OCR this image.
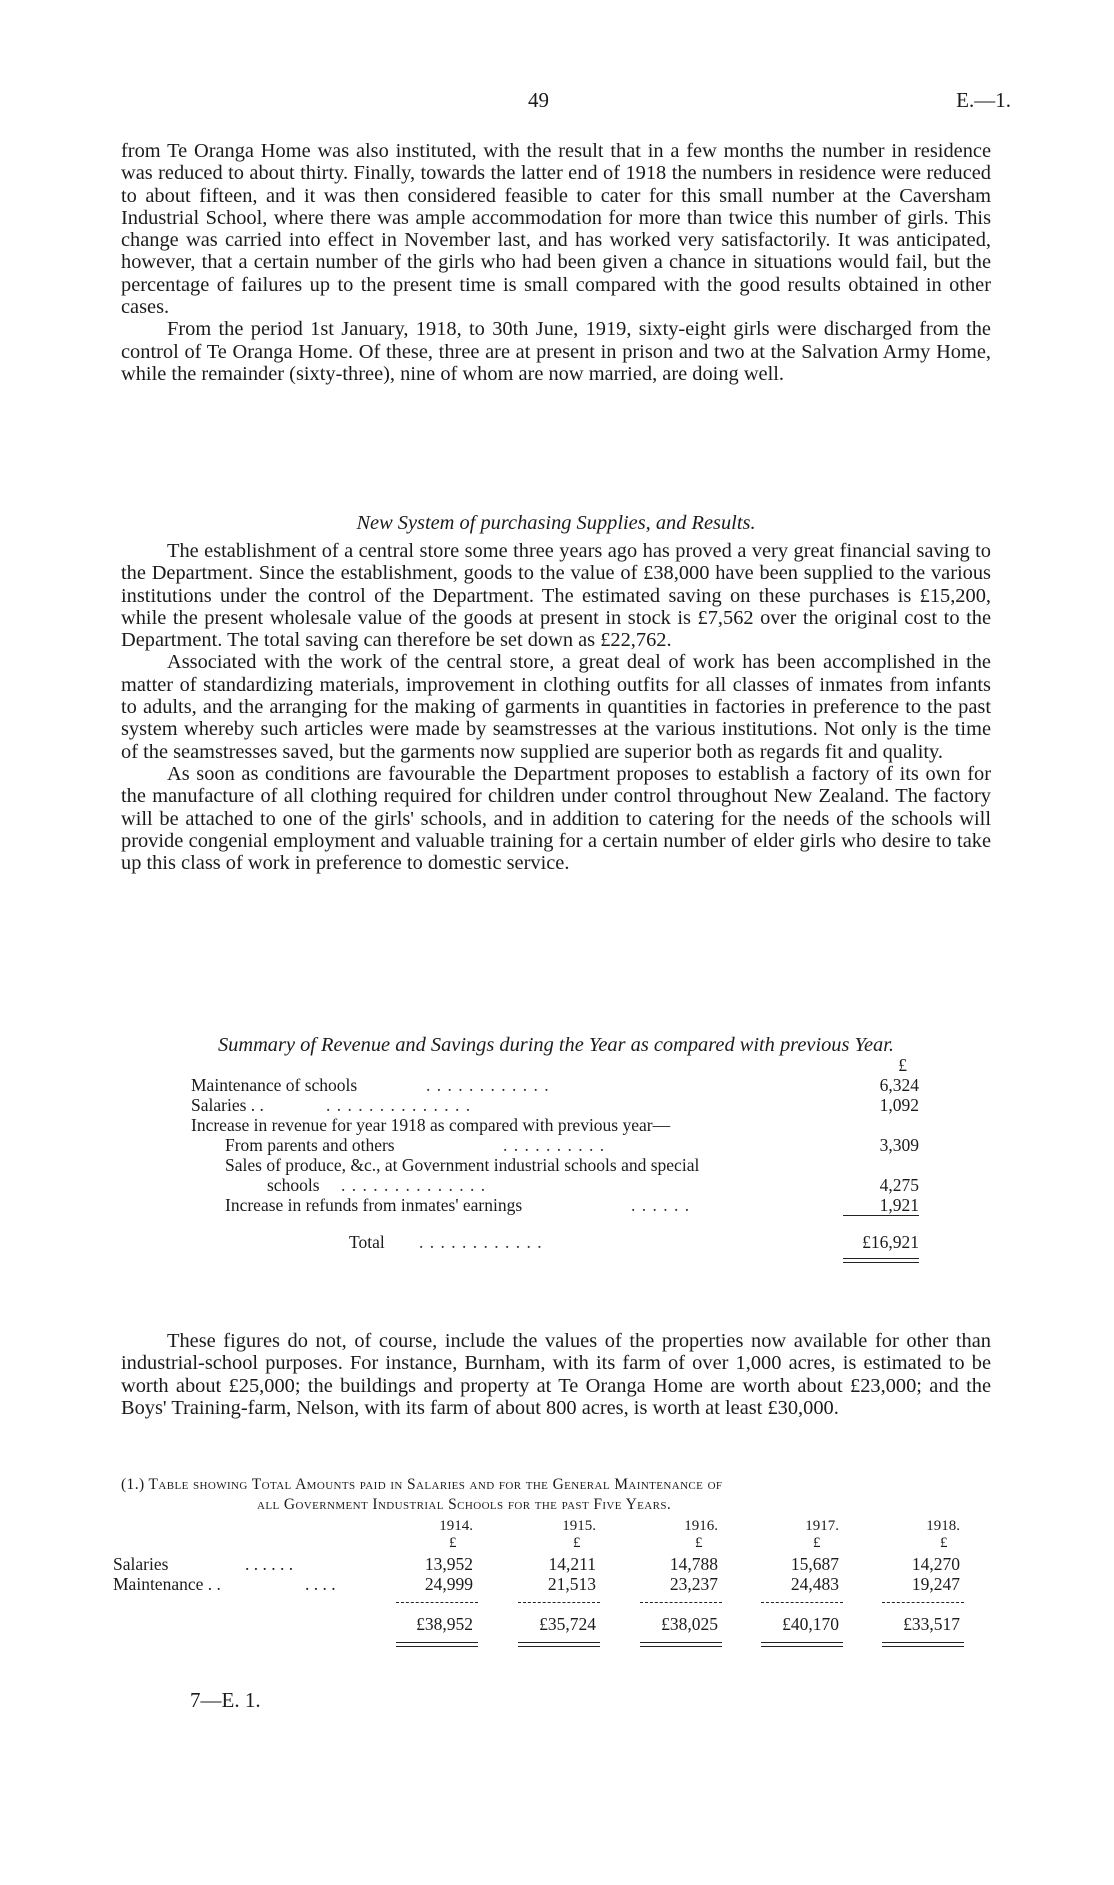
49	E.—1.

from Te Oranga Home was also instituted, with the result that in a few months the number in residence was reduced to about thirty. Finally, towards the latter end of 1918 the numbers in residence were reduced to about fifteen, and it was then considered feasible to cater for this small number at the Caversham Industrial School, where there was ample accommodation for more than twice this number of girls. This change was carried into effect in November last, and has worked very satisfactorily. It was anticipated, however, that a certain number of the girls who had been given a chance in situations would fail, but the percentage of failures up to the present time is small compared with the good results obtained in other cases.

From the period 1st January, 1918, to 30th June, 1919, sixty-eight girls were discharged from the control of Te Oranga Home. Of these, three are at present in prison and two at the Salvation Army Home, while the remainder (sixty-three), nine of whom are now married, are doing well.

New System of purchasing Supplies, and Results.

The establishment of a central store some three years ago has proved a very great financial saving to the Department. Since the establishment, goods to the value of £38,000 have been supplied to the various institutions under the control of the Department. The estimated saving on these purchases is £15,200, while the present wholesale value of the goods at present in stock is £7,562 over the original cost to the Department. The total saving can therefore be set down as £22,762.

Associated with the work of the central store, a great deal of work has been accomplished in the matter of standardizing materials, improvement in clothing outfits for all classes of inmates from infants to adults, and the arranging for the making of garments in quantities in factories in preference to the past system whereby such articles were made by seamstresses at the various institutions. Not only is the time of the seamstresses saved, but the garments now supplied are superior both as regards fit and quality.

As soon as conditions are favourable the Department proposes to establish a factory of its own for the manufacture of all clothing required for children under control throughout New Zealand. The factory will be attached to one of the girls' schools, and in addition to catering for the needs of the schools will provide congenial employment and valuable training for a certain number of elder girls who desire to take up this class of work in preference to domestic service.

Summary of Revenue and Savings during the Year as compared with previous Year.
£
Maintenance of schools	. . . . . . . . . . . .	6,324
Salaries . .	. . . . . . . . . . . . . .	1,092
Increase in revenue for year 1918 as compared with previous year—
From parents and others	. . . . . . . . . .	3,309
Sales of produce, &c., at Government industrial schools and special
schools . . . . . . . . . . . . . .	4,275
Increase in refunds from inmates' earnings	. . . . . .	1,921
Total . . . . . . . . . . . .	£16,921

These figures do not, of course, include the values of the properties now available for other than industrial-school purposes. For instance, Burnham, with its farm of over 1,000 acres, is estimated to be worth about £25,000; the buildings and property at Te Oranga Home are worth about £23,000; and the Boys' Training-farm, Nelson, with its farm of about 800 acres, is worth at least £30,000.

(1.) Table showing Total Amounts paid in Salaries and for the General Maintenance of
all Government Industrial Schools for the past Five Years.
1914.	1915.	1916.	1917.	1918.
£	£	£	£	£
Salaries	. . . . . .	13,952	14,211	14,788	15,687	14,270
Maintenance . .	. . . .	24,999	21,513	23,237	24,483	19,247
£38,952	£35,724	£38,025	£40,170	£33,517
7—E. 1.
